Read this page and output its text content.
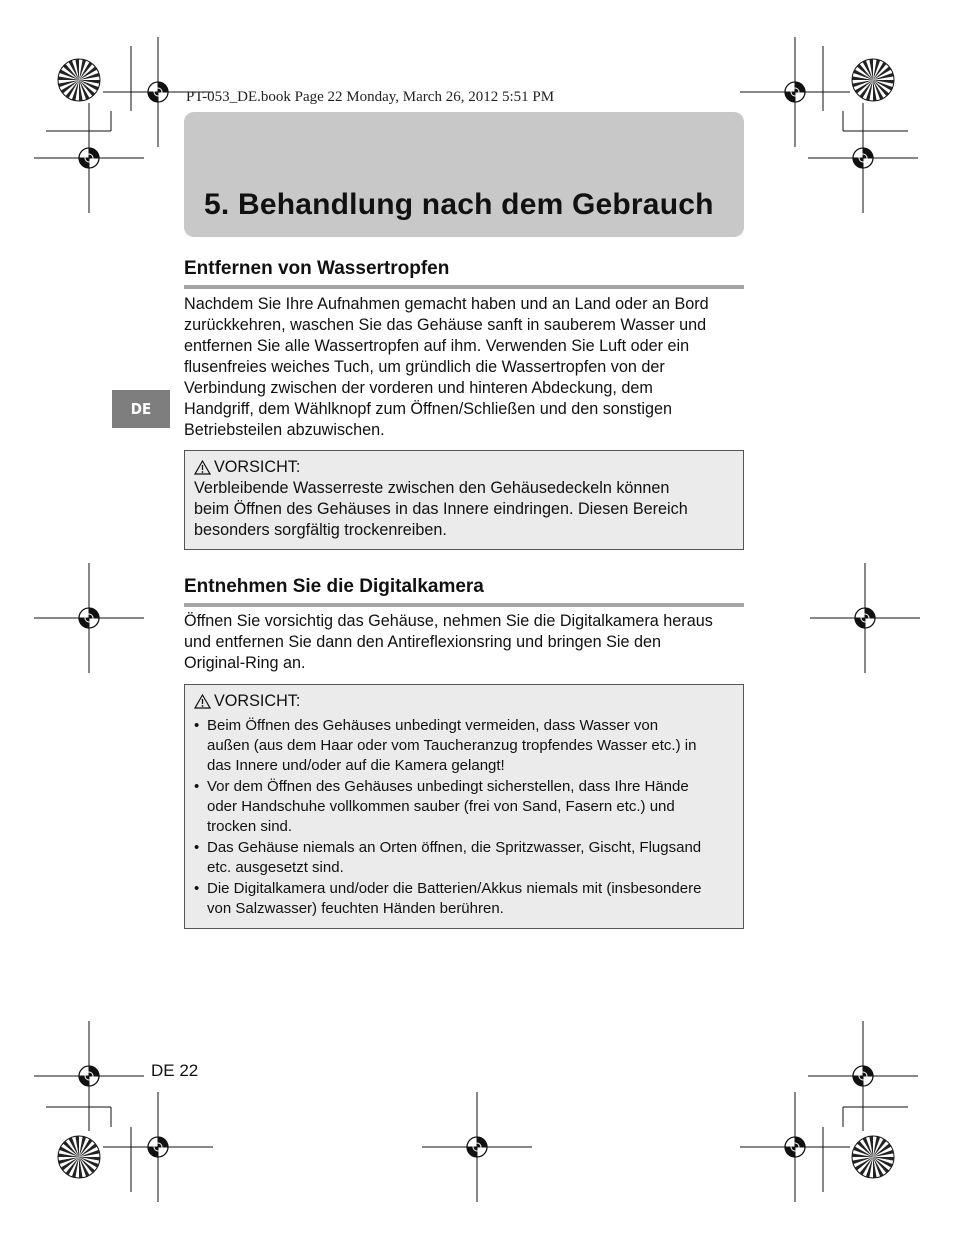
PT-053_DE.book Page 22 Monday, March 26, 2012 5:51 PM
5. Behandlung nach dem Gebrauch
DE
Entfernen von Wassertropfen
Nachdem Sie Ihre Aufnahmen gemacht haben und an Land oder an Bord
zurückkehren, waschen Sie das Gehäuse sanft in sauberem Wasser und
entfernen Sie alle Wassertropfen auf ihm. Verwenden Sie Luft oder ein
flusenfreies weiches Tuch, um gründlich die Wassertropfen von der
Verbindung zwischen der vorderen und hinteren Abdeckung, dem
Handgriff, dem Wählknopf zum Öffnen/Schließen und den sonstigen
Betriebsteilen abzuwischen.
VORSICHT:
Verbleibende Wasserreste zwischen den Gehäusedeckeln können
beim Öffnen des Gehäuses in das Innere eindringen. Diesen Bereich
besonders sorgfältig trockenreiben.
Entnehmen Sie die Digitalkamera
Öffnen Sie vorsichtig das Gehäuse, nehmen Sie die Digitalkamera heraus
und entfernen Sie dann den Antireflexionsring und bringen Sie den
Original-Ring an.
VORSICHT:
• Beim Öffnen des Gehäuses unbedingt vermeiden, dass Wasser von
außen (aus dem Haar oder vom Taucheranzug tropfendes Wasser etc.) in
das Innere und/oder auf die Kamera gelangt!
• Vor dem Öffnen des Gehäuses unbedingt sicherstellen, dass Ihre Hände
oder Handschuhe vollkommen sauber (frei von Sand, Fasern etc.) und
trocken sind.
• Das Gehäuse niemals an Orten öffnen, die Spritzwasser, Gischt, Flugsand
etc. ausgesetzt sind.
• Die Digitalkamera und/oder die Batterien/Akkus niemals mit (insbesondere
von Salzwasser) feuchten Händen berühren.
DE 22
